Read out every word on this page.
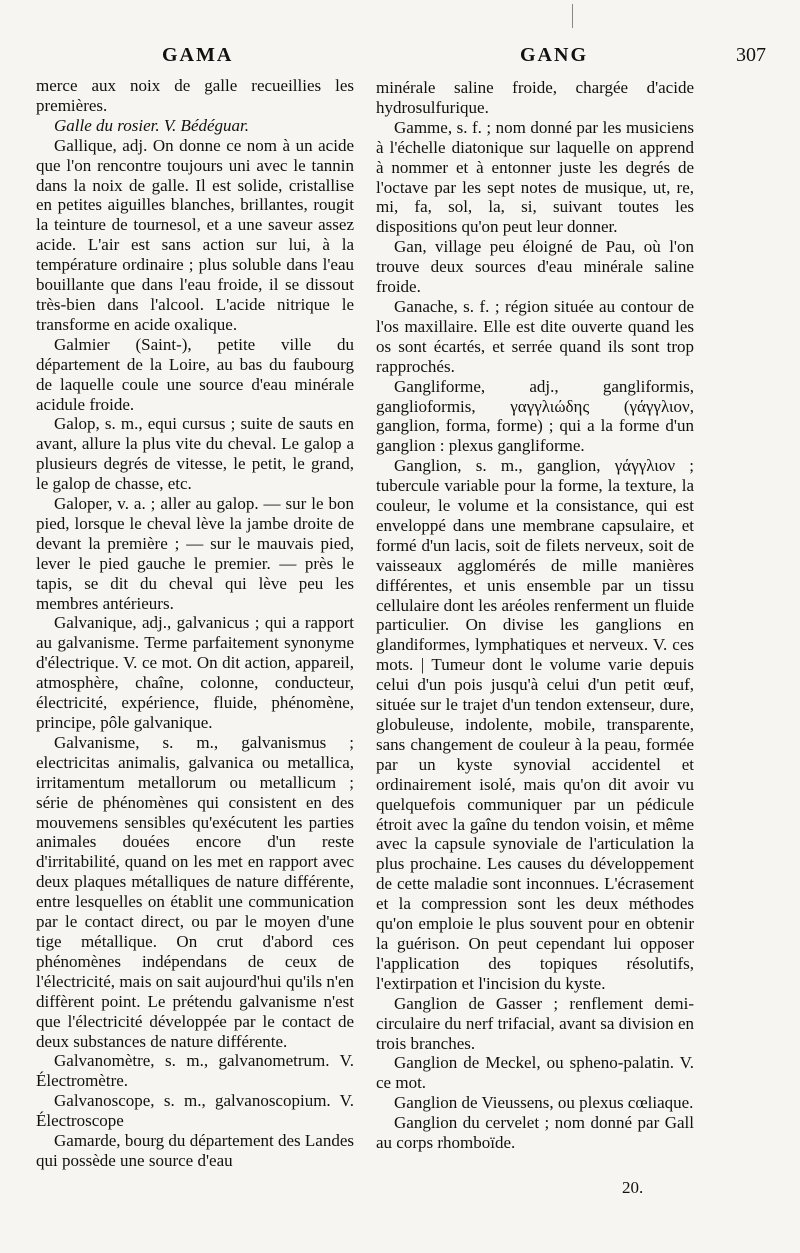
GAMA	GANG	307

merce aux noix de galle recueillies les premières.

Galle du rosier. V. Bédéguar.

Gallique, adj. On donne ce nom à un acide que l'on rencontre toujours uni avec le tannin dans la noix de galle. Il est solide, cristallise en petites aiguilles blanches, brillantes, rougit la teinture de tournesol, et a une saveur assez acide. L'air est sans action sur lui, à la température ordinaire ; plus soluble dans l'eau bouillante que dans l'eau froide, il se dissout très-bien dans l'alcool. L'acide nitrique le transforme en acide oxalique.

Galmier (Saint-), petite ville du département de la Loire, au bas du faubourg de laquelle coule une source d'eau minérale acidule froide.

Galop, s. m., equi cursus ; suite de sauts en avant, allure la plus vite du cheval. Le galop a plusieurs degrés de vitesse, le petit, le grand, le galop de chasse, etc.

Galoper, v. a. ; aller au galop. — sur le bon pied, lorsque le cheval lève la jambe droite de devant la première ; — sur le mauvais pied, lever le pied gauche le premier. — près le tapis, se dit du cheval qui lève peu les membres antérieurs.

Galvanique, adj., galvanicus ; qui a rapport au galvanisme. Terme parfaitement synonyme d'électrique. V. ce mot. On dit action, appareil, atmosphère, chaîne, colonne, conducteur, électricité, expérience, fluide, phénomène, principe, pôle galvanique.

Galvanisme, s. m., galvanismus ; electricitas animalis, galvanica ou metallica, irritamentum metallorum ou metallicum ; série de phénomènes qui consistent en des mouvemens sensibles qu'exécutent les parties animales douées encore d'un reste d'irritabilité, quand on les met en rapport avec deux plaques métalliques de nature différente, entre lesquelles on établit une communication par le contact direct, ou par le moyen d'une tige métallique. On crut d'abord ces phénomènes indépendans de ceux de l'électricité, mais on sait aujourd'hui qu'ils n'en diffèrent point. Le prétendu galvanisme n'est que l'électricité développée par le contact de deux substances de nature différente.

Galvanomètre, s. m., galvanometrum. V. Électromètre.

Galvanoscope, s. m., galvanoscopium. V. Électroscope

Gamarde, bourg du département des Landes qui possède une source d'eau

minérale saline froide, chargée d'acide hydrosulfurique.

Gamme, s. f. ; nom donné par les musiciens à l'échelle diatonique sur laquelle on apprend à nommer et à entonner juste les degrés de l'octave par les sept notes de musique, ut, re, mi, fa, sol, la, si, suivant toutes les dispositions qu'on peut leur donner.

Gan, village peu éloigné de Pau, où l'on trouve deux sources d'eau minérale saline froide.

Ganache, s. f. ; région située au contour de l'os maxillaire. Elle est dite ouverte quand les os sont écartés, et serrée quand ils sont trop rapprochés.

Gangliforme, adj., gangliformis, ganglioformis, γαγγλιώδης (γάγγλιον, ganglion, forma, forme) ; qui a la forme d'un ganglion : plexus gangliforme.

Ganglion, s. m., ganglion, γάγγλιον ; tubercule variable pour la forme, la texture, la couleur, le volume et la consistance, qui est enveloppé dans une membrane capsulaire, et formé d'un lacis, soit de filets nerveux, soit de vaisseaux agglomérés de mille manières différentes, et unis ensemble par un tissu cellulaire dont les aréoles renferment un fluide particulier. On divise les ganglions en glandiformes, lymphatiques et nerveux. V. ces mots. | Tumeur dont le volume varie depuis celui d'un pois jusqu'à celui d'un petit œuf, située sur le trajet d'un tendon extenseur, dure, globuleuse, indolente, mobile, transparente, sans changement de couleur à la peau, formée par un kyste synovial accidentel et ordinairement isolé, mais qu'on dit avoir vu quelquefois communiquer par un pédicule étroit avec la gaîne du tendon voisin, et même avec la capsule synoviale de l'articulation la plus prochaine. Les causes du développement de cette maladie sont inconnues. L'écrasement et la compression sont les deux méthodes qu'on emploie le plus souvent pour en obtenir la guérison. On peut cependant lui opposer l'application des topiques résolutifs, l'extirpation et l'incision du kyste.

Ganglion de Gasser ; renflement demi-circulaire du nerf trifacial, avant sa division en trois branches.

Ganglion de Meckel, ou spheno-palatin. V. ce mot.

Ganglion de Vieussens, ou plexus cœliaque.

Ganglion du cervelet ; nom donné par Gall au corps rhomboïde.

20.
